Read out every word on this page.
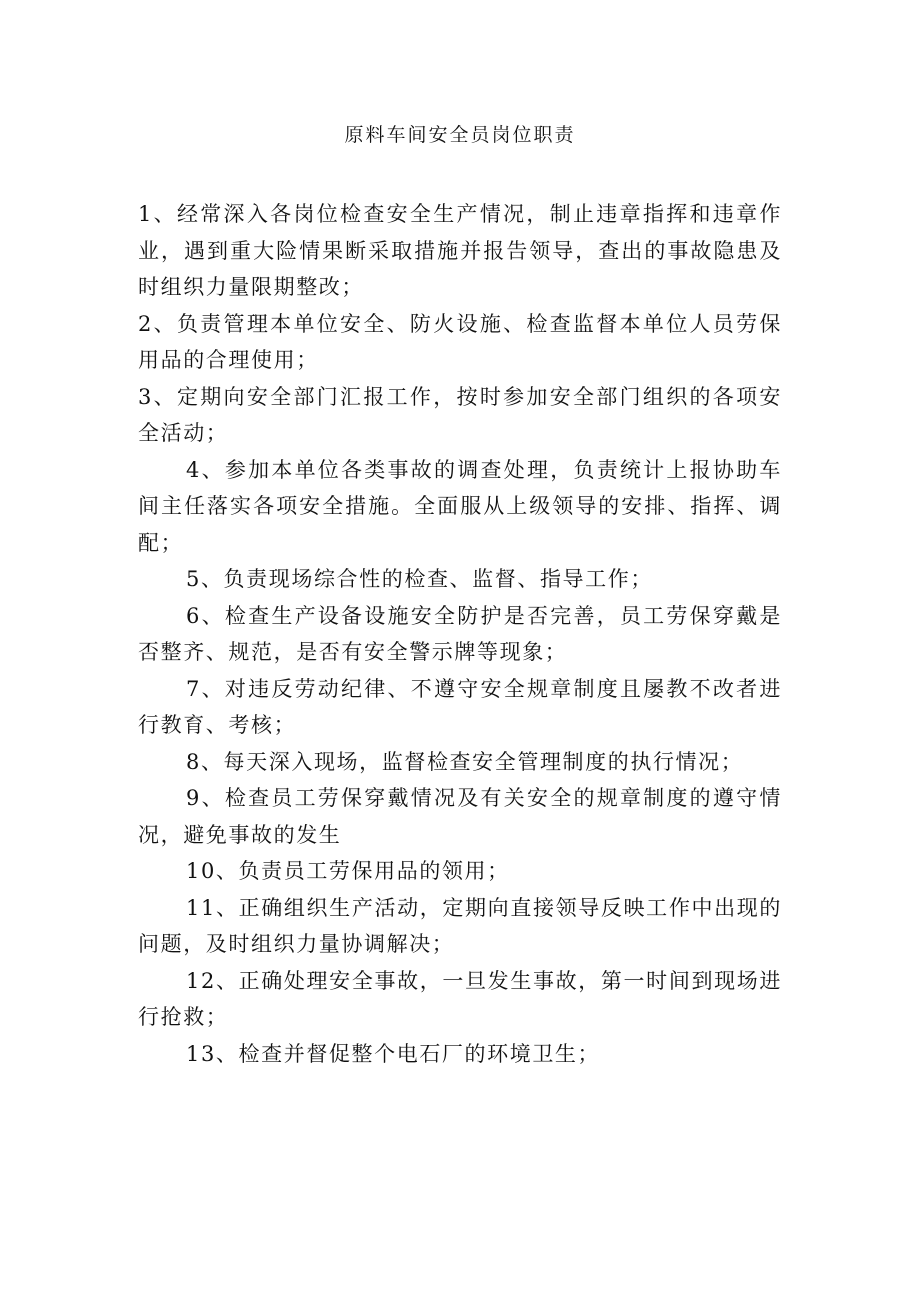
原料车间安全员岗位职责

1、经常深入各岗位检查安全生产情况，制止违章指挥和违章作业，遇到重大险情果断采取措施并报告领导，查出的事故隐患及时组织力量限期整改；

2、负责管理本单位安全、防火设施、检查监督本单位人员劳保用品的合理使用；

3、定期向安全部门汇报工作，按时参加安全部门组织的各项安全活动；

4、参加本单位各类事故的调查处理，负责统计上报协助车间主任落实各项安全措施。全面服从上级领导的安排、指挥、调配；

5、负责现场综合性的检查、监督、指导工作；

6、检查生产设备设施安全防护是否完善，员工劳保穿戴是否整齐、规范，是否有安全警示牌等现象；

7、对违反劳动纪律、不遵守安全规章制度且屡教不改者进行教育、考核；

8、每天深入现场，监督检查安全管理制度的执行情况；

9、检查员工劳保穿戴情况及有关安全的规章制度的遵守情况，避免事故的发生

10、负责员工劳保用品的领用；

11、正确组织生产活动，定期向直接领导反映工作中出现的问题，及时组织力量协调解决；

12、正确处理安全事故，一旦发生事故，第一时间到现场进行抢救；

13、检查并督促整个电石厂的环境卫生；
